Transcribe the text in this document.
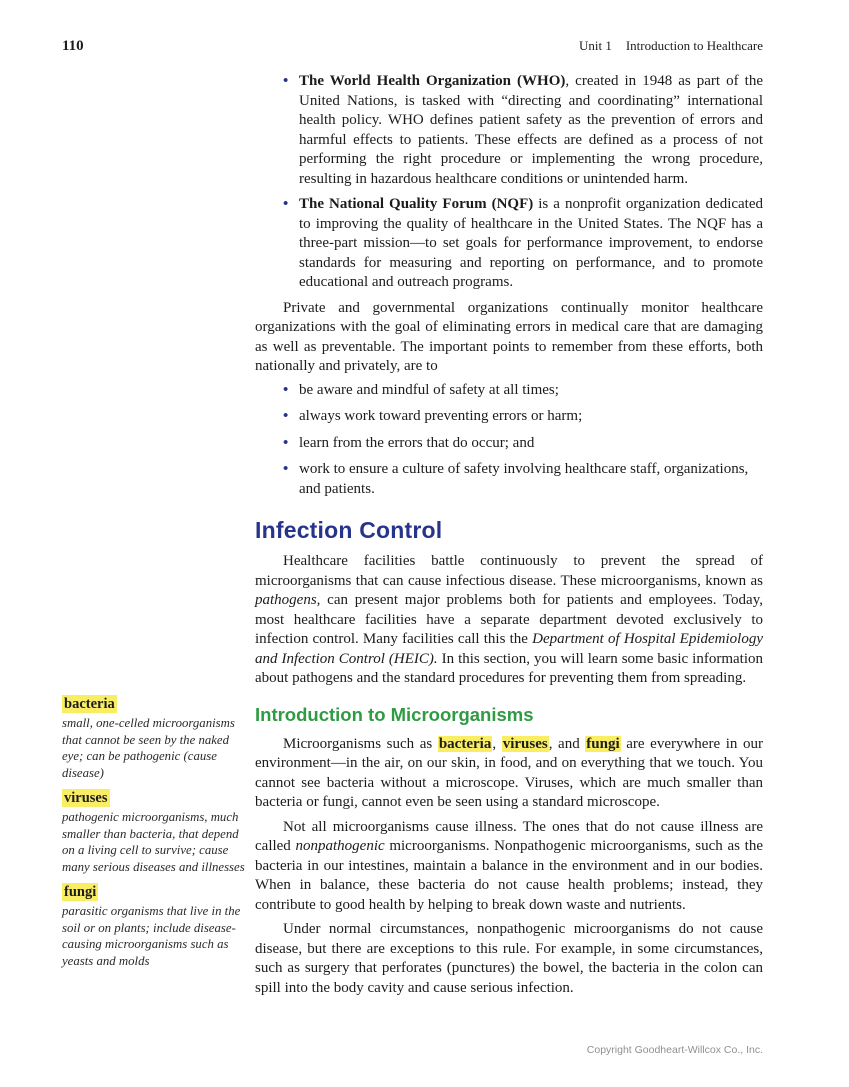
110	Unit 1 Introduction to Healthcare
• The World Health Organization (WHO), created in 1948 as part of the United Nations, is tasked with “directing and coordinating” international health policy. WHO defines patient safety as the prevention of errors and harmful effects to patients. These effects are defined as a process of not performing the right procedure or implementing the wrong procedure, resulting in hazardous healthcare conditions or unintended harm.
• The National Quality Forum (NQF) is a nonprofit organization dedicated to improving the quality of healthcare in the United States. The NQF has a three-part mission—to set goals for performance improvement, to endorse standards for measuring and reporting on performance, and to promote educational and outreach programs.

Private and governmental organizations continually monitor healthcare organizations with the goal of eliminating errors in medical care that are damaging as well as preventable. The important points to remember from these efforts, both nationally and privately, are to

• be aware and mindful of safety at all times;
• always work toward preventing errors or harm;
• learn from the errors that do occur; and
• work to ensure a culture of safety involving healthcare staff, organizations, and patients.
Infection Control

Healthcare facilities battle continuously to prevent the spread of microorganisms that can cause infectious disease. These microorganisms, known as pathogens, can present major problems both for patients and employees. Today, most healthcare facilities have a separate department devoted exclusively to infection control. Many facilities call this the Department of Hospital Epidemiology and Infection Control (HEIC). In this section, you will learn some basic information about pathogens and the standard procedures for preventing them from spreading.

Introduction to Microorganisms

Microorganisms such as bacteria, viruses, and fungi are everywhere in our environment—in the air, on our skin, in food, and on everything that we touch. You cannot see bacteria without a microscope. Viruses, which are much smaller than bacteria or fungi, cannot even be seen using a standard microscope.

Not all microorganisms cause illness. The ones that do not cause illness are called nonpathogenic microorganisms. Nonpathogenic microorganisms, such as the bacteria in our intestines, maintain a balance in the environment and in our bodies. When in balance, these bacteria do not cause health problems; instead, they contribute to good health by helping to break down waste and nutrients.

Under normal circumstances, nonpathogenic microorganisms do not cause disease, but there are exceptions to this rule. For example, in some circumstances, such as surgery that perforates (punctures) the bowel, the bacteria in the colon can spill into the body cavity and cause serious infection.

bacteria
small, one-celled microorganisms that cannot be seen by the naked eye; can be pathogenic (cause disease)
viruses
pathogenic microorganisms, much smaller than bacteria, that depend on a living cell to survive; cause many serious diseases and illnesses
fungi
parasitic organisms that live in the soil or on plants; include disease-causing microorganisms such as yeasts and molds
Copyright Goodheart-Willcox Co., Inc.
